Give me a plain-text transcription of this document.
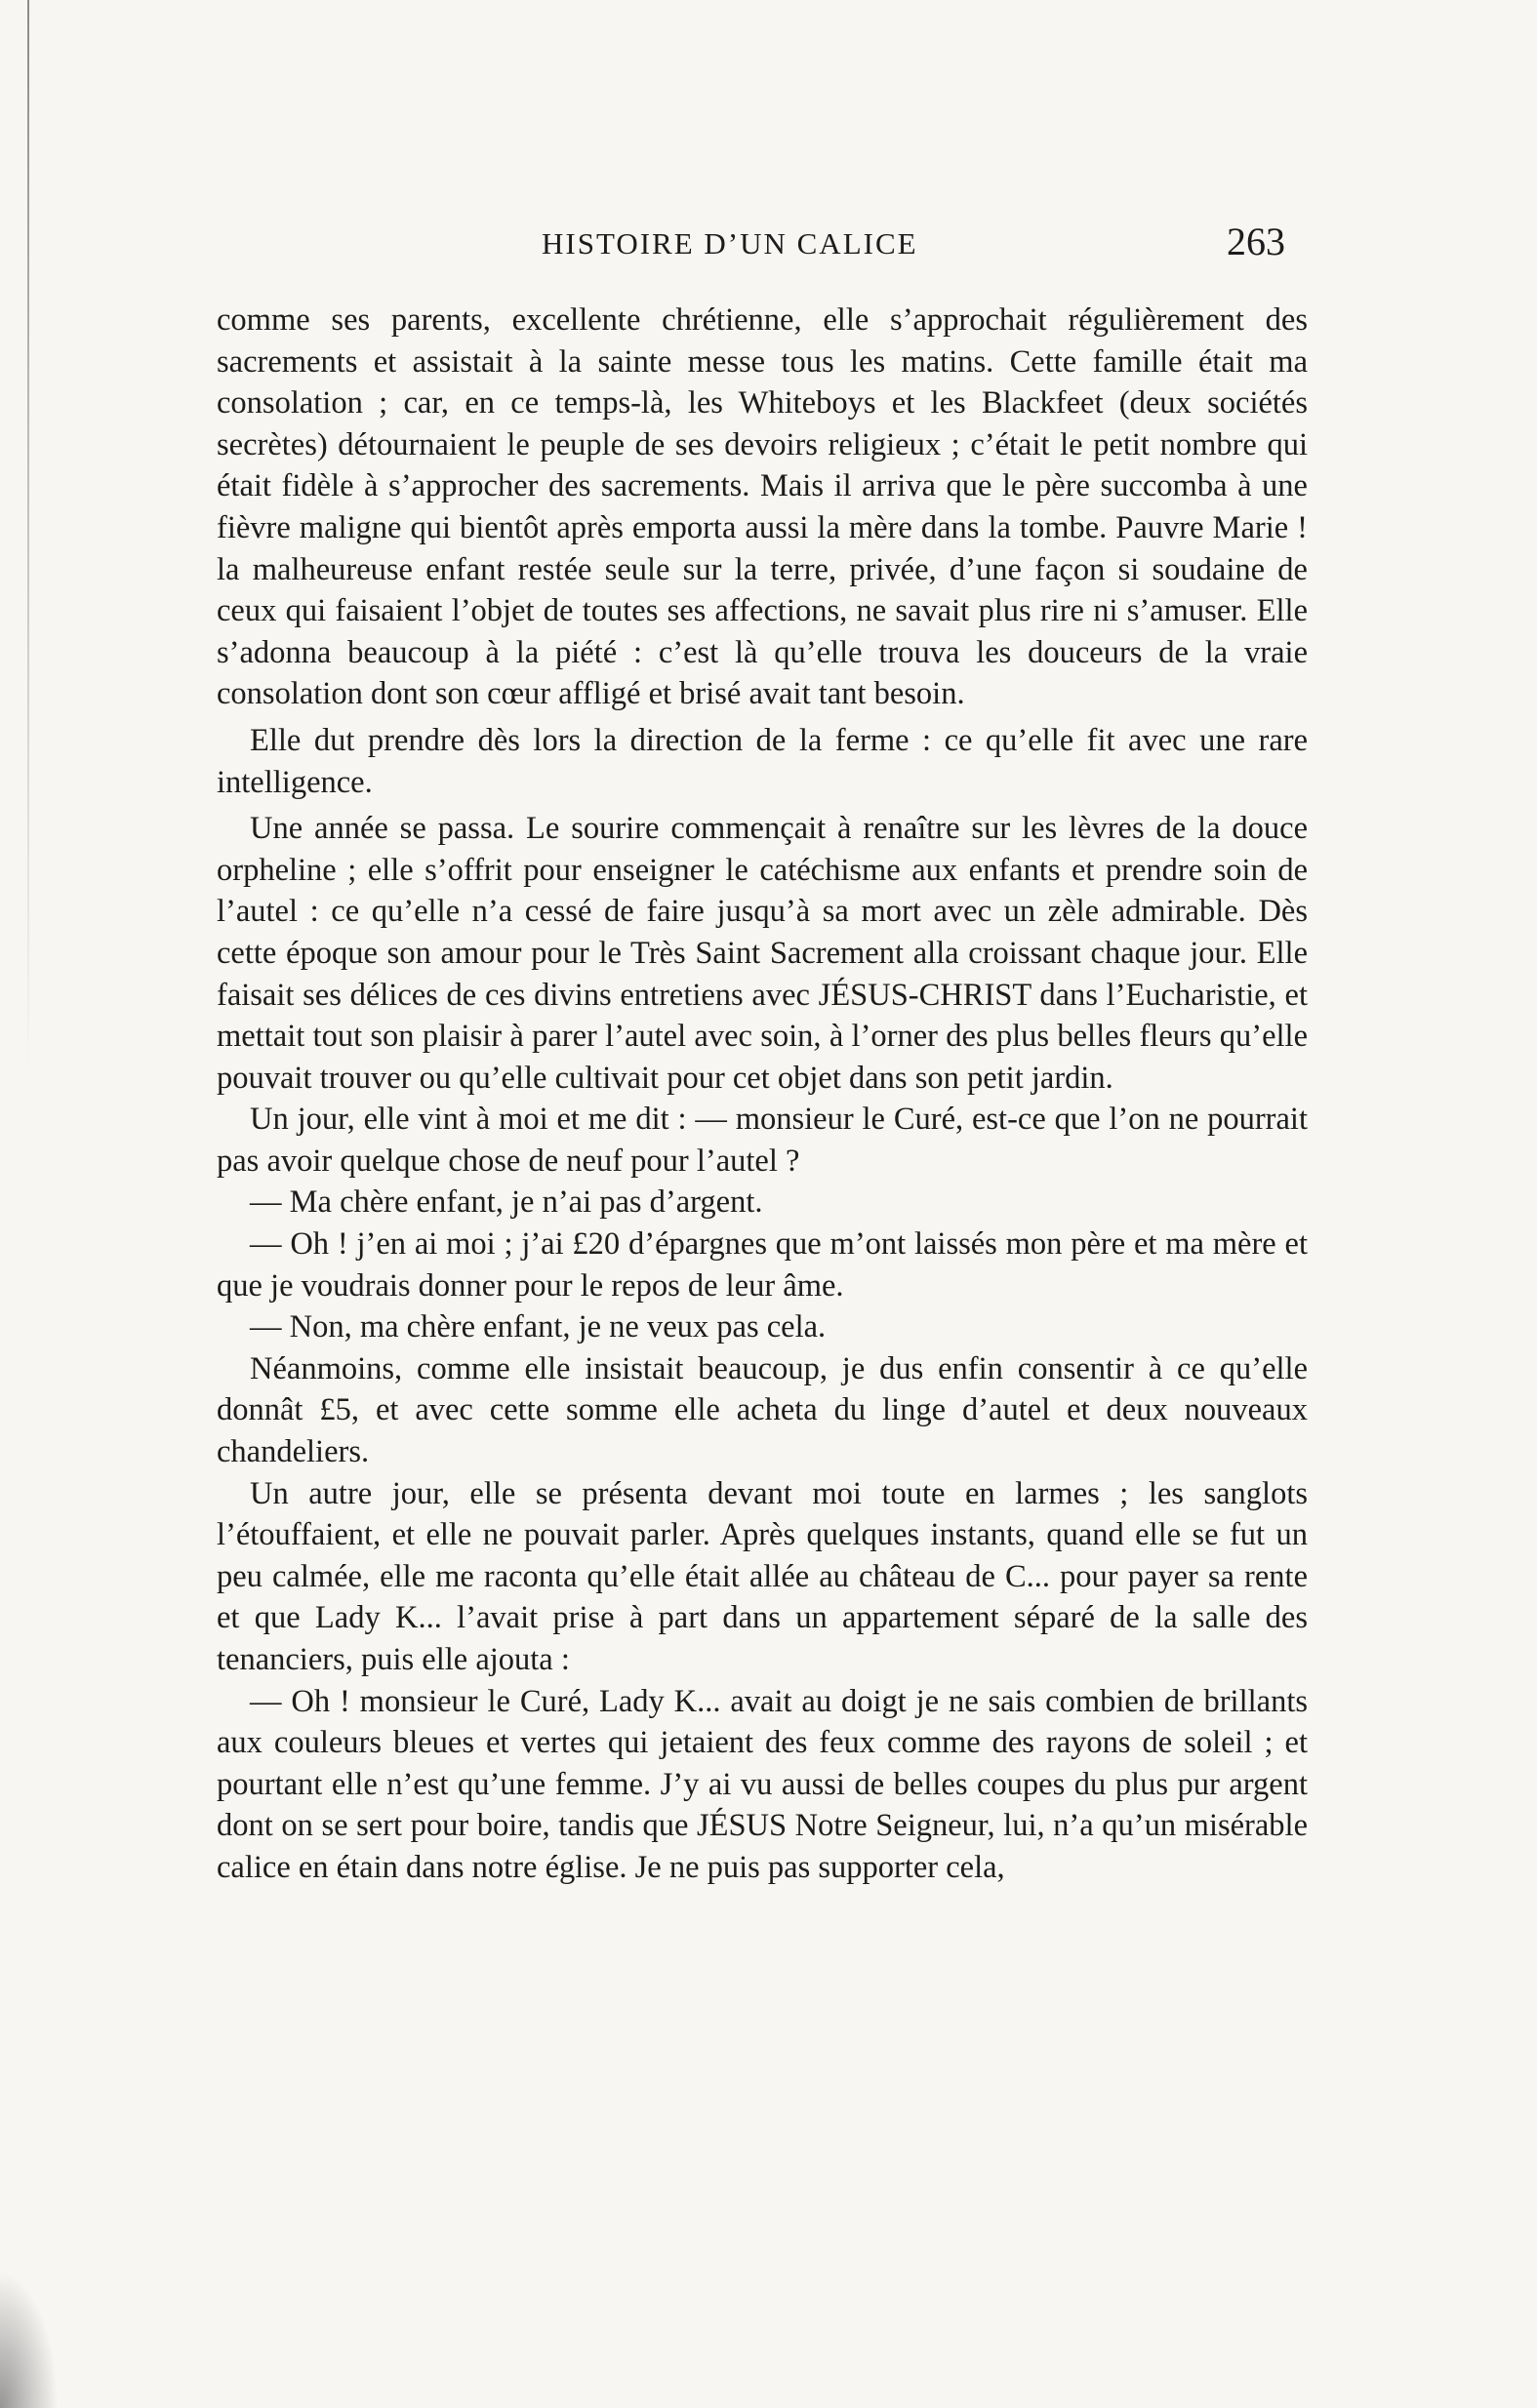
HISTOIRE D’UN CALICE	263

comme ses parents, excellente chrétienne, elle s’approchait régulièrement des sacrements et assistait à la sainte messe tous les matins. Cette famille était ma consolation ; car, en ce temps-là, les Whiteboys et les Blackfeet (deux sociétés secrètes) détournaient le peuple de ses devoirs religieux ; c’était le petit nombre qui était fidèle à s’approcher des sacrements. Mais il arriva que le père succomba à une fièvre maligne qui bientôt après emporta aussi la mère dans la tombe. Pauvre Marie ! la malheureuse enfant restée seule sur la terre, privée, d’une façon si soudaine de ceux qui faisaient l’objet de toutes ses affections, ne savait plus rire ni s’amuser. Elle s’adonna beaucoup à la piété : c’est là qu’elle trouva les douceurs de la vraie consolation dont son cœur affligé et brisé avait tant besoin.

Elle dut prendre dès lors la direction de la ferme : ce qu’elle fit avec une rare intelligence.

Une année se passa. Le sourire commençait à renaître sur les lèvres de la douce orpheline ; elle s’offrit pour enseigner le catéchisme aux enfants et prendre soin de l’autel : ce qu’elle n’a cessé de faire jusqu’à sa mort avec un zèle admirable. Dès cette époque son amour pour le Très Saint Sacrement alla croissant chaque jour. Elle faisait ses délices de ces divins entretiens avec JÉSUS-CHRIST dans l’Eucharistie, et mettait tout son plaisir à parer l’autel avec soin, à l’orner des plus belles fleurs qu’elle pouvait trouver ou qu’elle cultivait pour cet objet dans son petit jardin.

Un jour, elle vint à moi et me dit : — monsieur le Curé, est-ce que l’on ne pourrait pas avoir quelque chose de neuf pour l’autel ?

— Ma chère enfant, je n’ai pas d’argent.

— Oh ! j’en ai moi ; j’ai £20 d’épargnes que m’ont laissés mon père et ma mère et que je voudrais donner pour le repos de leur âme.

— Non, ma chère enfant, je ne veux pas cela.

Néanmoins, comme elle insistait beaucoup, je dus enfin consentir à ce qu’elle donnât £5, et avec cette somme elle acheta du linge d’autel et deux nouveaux chandeliers.

Un autre jour, elle se présenta devant moi toute en larmes ; les sanglots l’étouffaient, et elle ne pouvait parler. Après quelques instants, quand elle se fut un peu calmée, elle me raconta qu’elle était allée au château de C... pour payer sa rente et que Lady K... l’avait prise à part dans un appartement séparé de la salle des tenanciers, puis elle ajouta :

— Oh ! monsieur le Curé, Lady K... avait au doigt je ne sais combien de brillants aux couleurs bleues et vertes qui jetaient des feux comme des rayons de soleil ; et pourtant elle n’est qu’une femme. J’y ai vu aussi de belles coupes du plus pur argent dont on se sert pour boire, tandis que JÉSUS Notre Seigneur, lui, n’a qu’un misérable calice en étain dans notre église. Je ne puis pas supporter cela,
